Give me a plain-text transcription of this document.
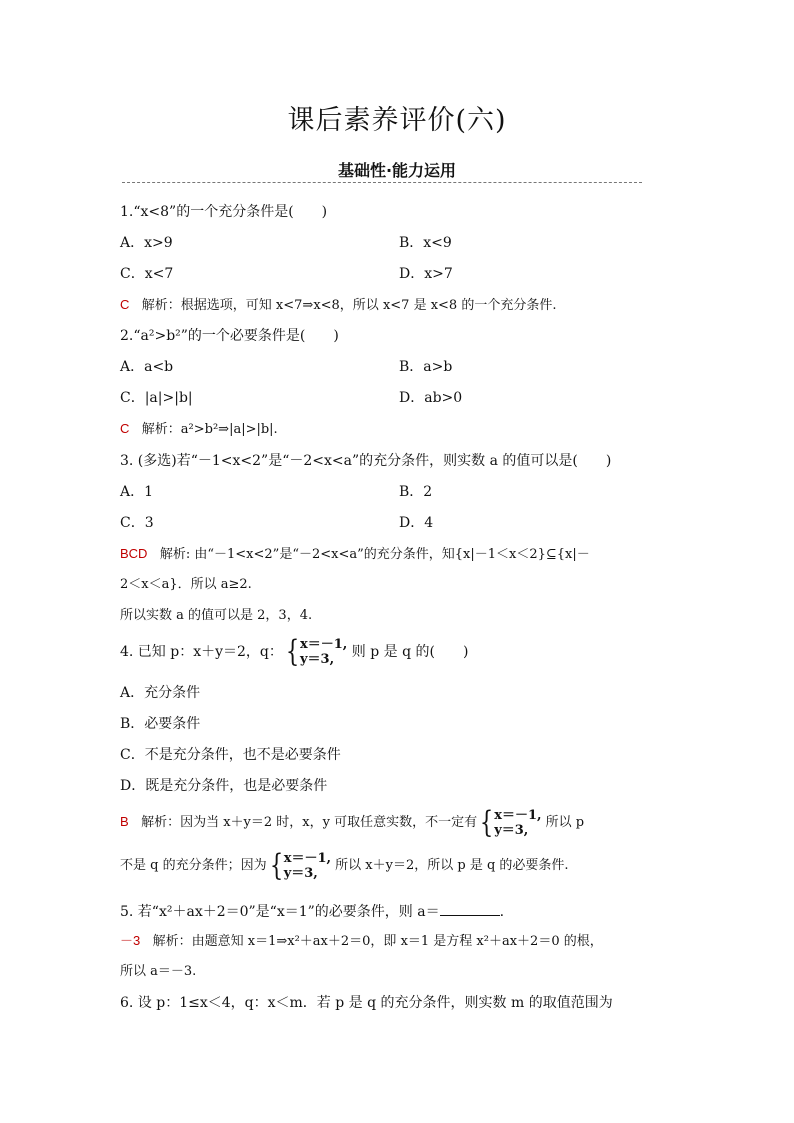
课后素养评价(六)
基础性·能力运用
1.“x<8”的一个充分条件是(　　)
A．x>9	B．x<9
C．x<7	D．x>7
C 解析：根据选项，可知 x<7⇒x<8，所以 x<7 是 x<8 的一个充分条件.
2.“a²>b²”的一个必要条件是(　　)
A．a<b	B．a>b
C．|a|>|b|	D．ab>0
C 解析：a²>b²⇒|a|>|b|.
3. (多选)若“－1<x<2”是“－2<x<a”的充分条件，则实数 a 的值可以是(　　)
A．1	B．2
C．3	D．4
BCD 解析: 由“－1<x<2”是“－2<x<a”的充分条件，知{x|－1＜x＜2}⊆{x|－
2＜x＜a}．所以 a≥2.
所以实数 a 的值可以是 2，3，4.
4. 已知 p：x＋y＝2，q： { x＝－1,
y＝3, 则 p 是 q 的(　　)
A．充分条件
B．必要条件
C．不是充分条件，也不是必要条件
D．既是充分条件，也是必要条件
B 解析：因为当 x＋y＝2 时，x，y 可取任意实数，不一定有 { x＝－1,
y＝3,	所以 p
不是 q 的充分条件；因为 { x＝－1,
y＝3,	所以 x＋y＝2，所以 p 是 q 的必要条件.
5. 若“x²＋ax＋2＝0”是“x＝1”的必要条件，则 a＝	.
－3 解析：由题意知 x＝1⇒x²＋ax＋2＝0，即 x＝1 是方程 x²＋ax＋2＝0 的根，
所以 a＝－3.
6. 设 p：1≤x＜4，q：x＜m．若 p 是 q 的充分条件，则实数 m 的取值范围为
